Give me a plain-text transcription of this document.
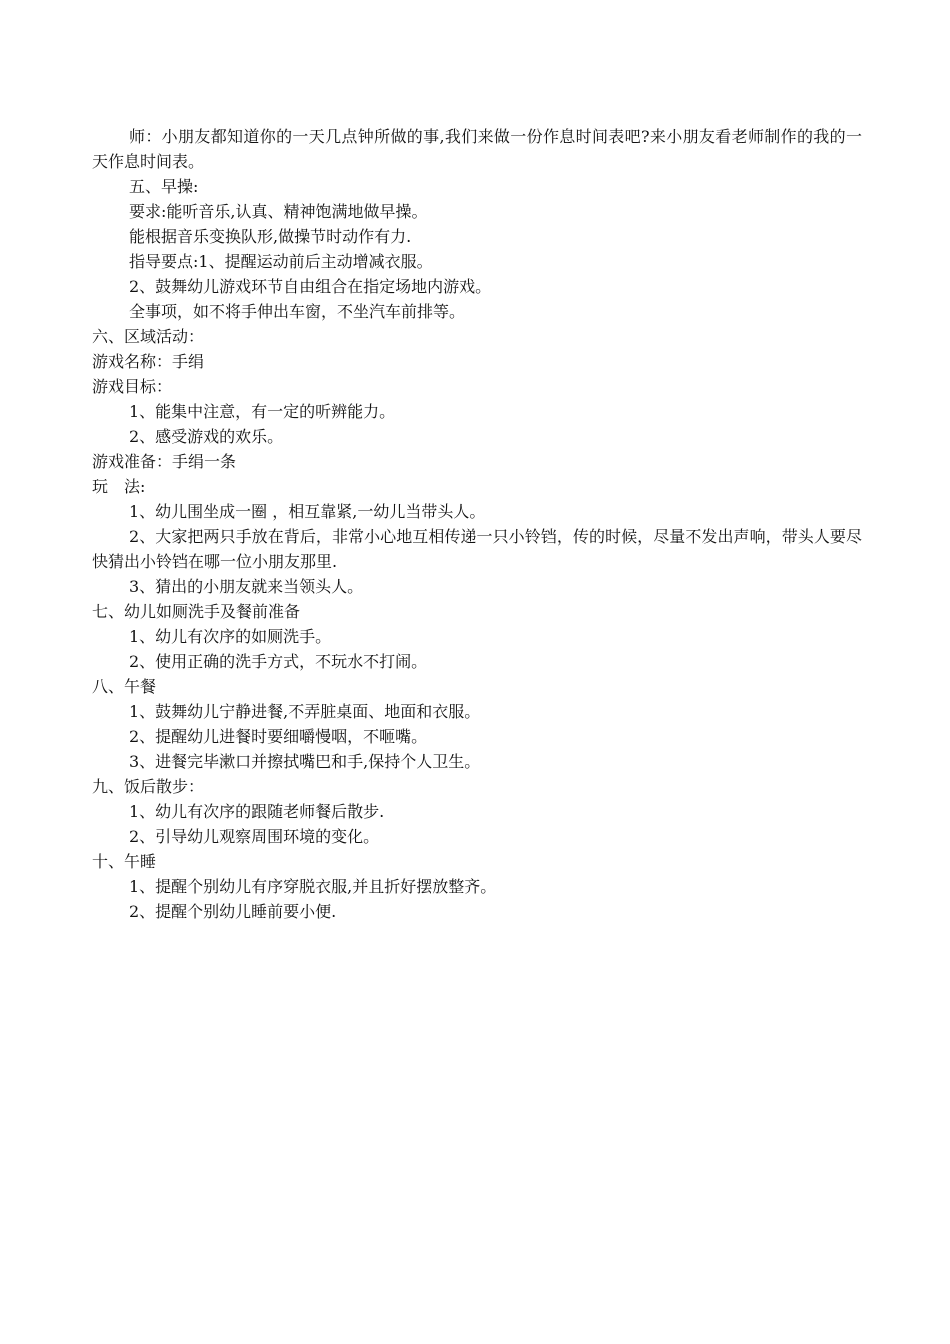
师：小朋友都知道你的一天几点钟所做的事,我们来做一份作息时间表吧?来小朋友看老师制作的我的一天作息时间表。

五、早操:

要求:能听音乐,认真、精神饱满地做早操。

能根据音乐变换队形,做操节时动作有力.

指导要点:1、提醒运动前后主动增减衣服。

2、鼓舞幼儿游戏环节自由组合在指定场地内游戏。

全事项，如不将手伸出车窗，不坐汽车前排等。

六、区域活动：

游戏名称：手绢

游戏目标：

1、能集中注意，有一定的听辨能力。

2、感受游戏的欢乐。

游戏准备：手绢一条

玩　法:

1、幼儿围坐成一圈 ，相互靠紧,一幼儿当带头人。

2、大家把两只手放在背后，非常小心地互相传递一只小铃铛，传的时候，尽量不发出声响，带头人要尽快猜出小铃铛在哪一位小朋友那里.

3、猜出的小朋友就来当领头人。

七、幼儿如厕洗手及餐前准备

1、幼儿有次序的如厕洗手。

2、使用正确的洗手方式，不玩水不打闹。

八、午餐

1、鼓舞幼儿宁静进餐,不弄脏桌面、地面和衣服。

2、提醒幼儿进餐时要细嚼慢咽，不咂嘴。

3、进餐完毕漱口并擦拭嘴巴和手,保持个人卫生。

九、饭后散步：

1、幼儿有次序的跟随老师餐后散步.

2、引导幼儿观察周围环境的变化。

十、午睡

1、提醒个别幼儿有序穿脱衣服,并且折好摆放整齐。

2、提醒个别幼儿睡前要小便.
